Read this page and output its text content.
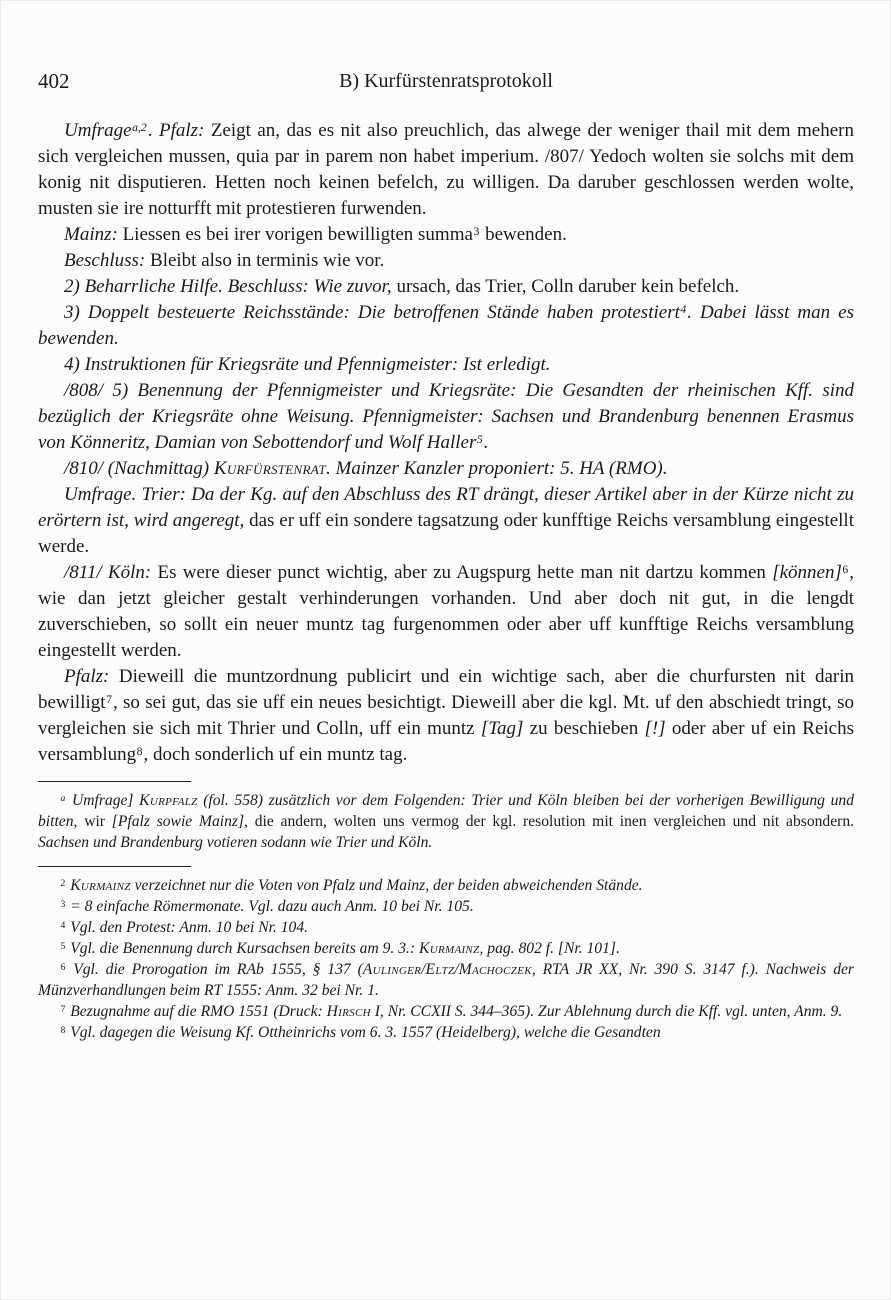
402	B) Kurfürstenratsprotokoll

Umfrage$^{a,2}$. Pfalz: Zeigt an, das es nit also preuchlich, das alwege der weniger thail mit dem mehern sich vergleichen mussen, quia par in parem non habet imperium. /807/ Yedoch wolten sie solchs mit dem konig nit disputieren. Hetten noch keinen befelch, zu willigen. Da daruber geschlossen werden wolte, musten sie ire notturfft mit protestieren furwenden.

Mainz: Liessen es bei irer vorigen bewilligten summa$^3$ bewenden.

Beschluss: Bleibt also in terminis wie vor.

2) Beharrliche Hilfe. Beschluss: Wie zuvor, ursach, das Trier, Colln daruber kein befelch.

3) Doppelt besteuerte Reichsstände: Die betroffenen Stände haben protestiert$^4$. Dabei lässt man es bewenden.

4) Instruktionen für Kriegsräte und Pfennigmeister: Ist erledigt.

/808/ 5) Benennung der Pfennigmeister und Kriegsräte: Die Gesandten der rheinischen Kff. sind bezüglich der Kriegsräte ohne Weisung. Pfennigmeister: Sachsen und Brandenburg benennen Erasmus von Könneritz, Damian von Sebottendorf und Wolf Haller$^5$.

/810/ (Nachmittag) Kurfürstenrat. Mainzer Kanzler proponiert: 5. HA (RMO).

Umfrage. Trier: Da der Kg. auf den Abschluss des RT drängt, dieser Artikel aber in der Kürze nicht zu erörtern ist, wird angeregt, das er uff ein sondere tagsatzung oder kunfftige Reichs versamblung eingestellt werde.

/811/ Köln: Es were dieser punct wichtig, aber zu Augspurg hette man nit dartzu kommen [können]$^6$, wie dan jetzt gleicher gestalt verhinderungen vorhanden. Und aber doch nit gut, in die lengdt zuverschieben, so sollt ein neuer muntz tag furgenommen oder aber uff kunfftige Reichs versamblung eingestellt werden.

Pfalz: Dieweill die muntzordnung publicirt und ein wichtige sach, aber die churfursten nit darin bewilligt$^7$, so sei gut, das sie uff ein neues besichtigt. Dieweill aber die kgl. Mt. uf den abschiedt tringt, so vergleichen sie sich mit Thrier und Colln, uff ein muntz [Tag] zu beschieben [!] oder aber uf ein Reichs versamblung$^8$, doch sonderlich uf ein muntz tag.

$^a$ Umfrage] Kurpfalz (fol. 558) zusätzlich vor dem Folgenden: Trier und Köln bleiben bei der vorherigen Bewilligung und bitten, wir [Pfalz sowie Mainz], die andern, wolten uns vermog der kgl. resolution mit inen vergleichen und nit absondern. Sachsen und Brandenburg votieren sodann wie Trier und Köln.

$^2$ Kurmainz verzeichnet nur die Voten von Pfalz und Mainz, der beiden abweichenden Stände.

$^3$ = 8 einfache Römermonate. Vgl. dazu auch Anm. 10 bei Nr. 105.

$^4$ Vgl. den Protest: Anm. 10 bei Nr. 104.

$^5$ Vgl. die Benennung durch Kursachsen bereits am 9. 3.: Kurmainz, pag. 802 f. [Nr. 101].

$^6$ Vgl. die Prorogation im RAb 1555, § 137 (Aulinger/Eltz/Machoczek, RTA JR XX, Nr. 390 S. 3147 f.). Nachweis der Münzverhandlungen beim RT 1555: Anm. 32 bei Nr. 1.

$^7$ Bezugnahme auf die RMO 1551 (Druck: Hirsch I, Nr. CCXII S. 344–365). Zur Ablehnung durch die Kff. vgl. unten, Anm. 9.

$^8$ Vgl. dagegen die Weisung Kf. Ottheinrichs vom 6. 3. 1557 (Heidelberg), welche die Gesandten
